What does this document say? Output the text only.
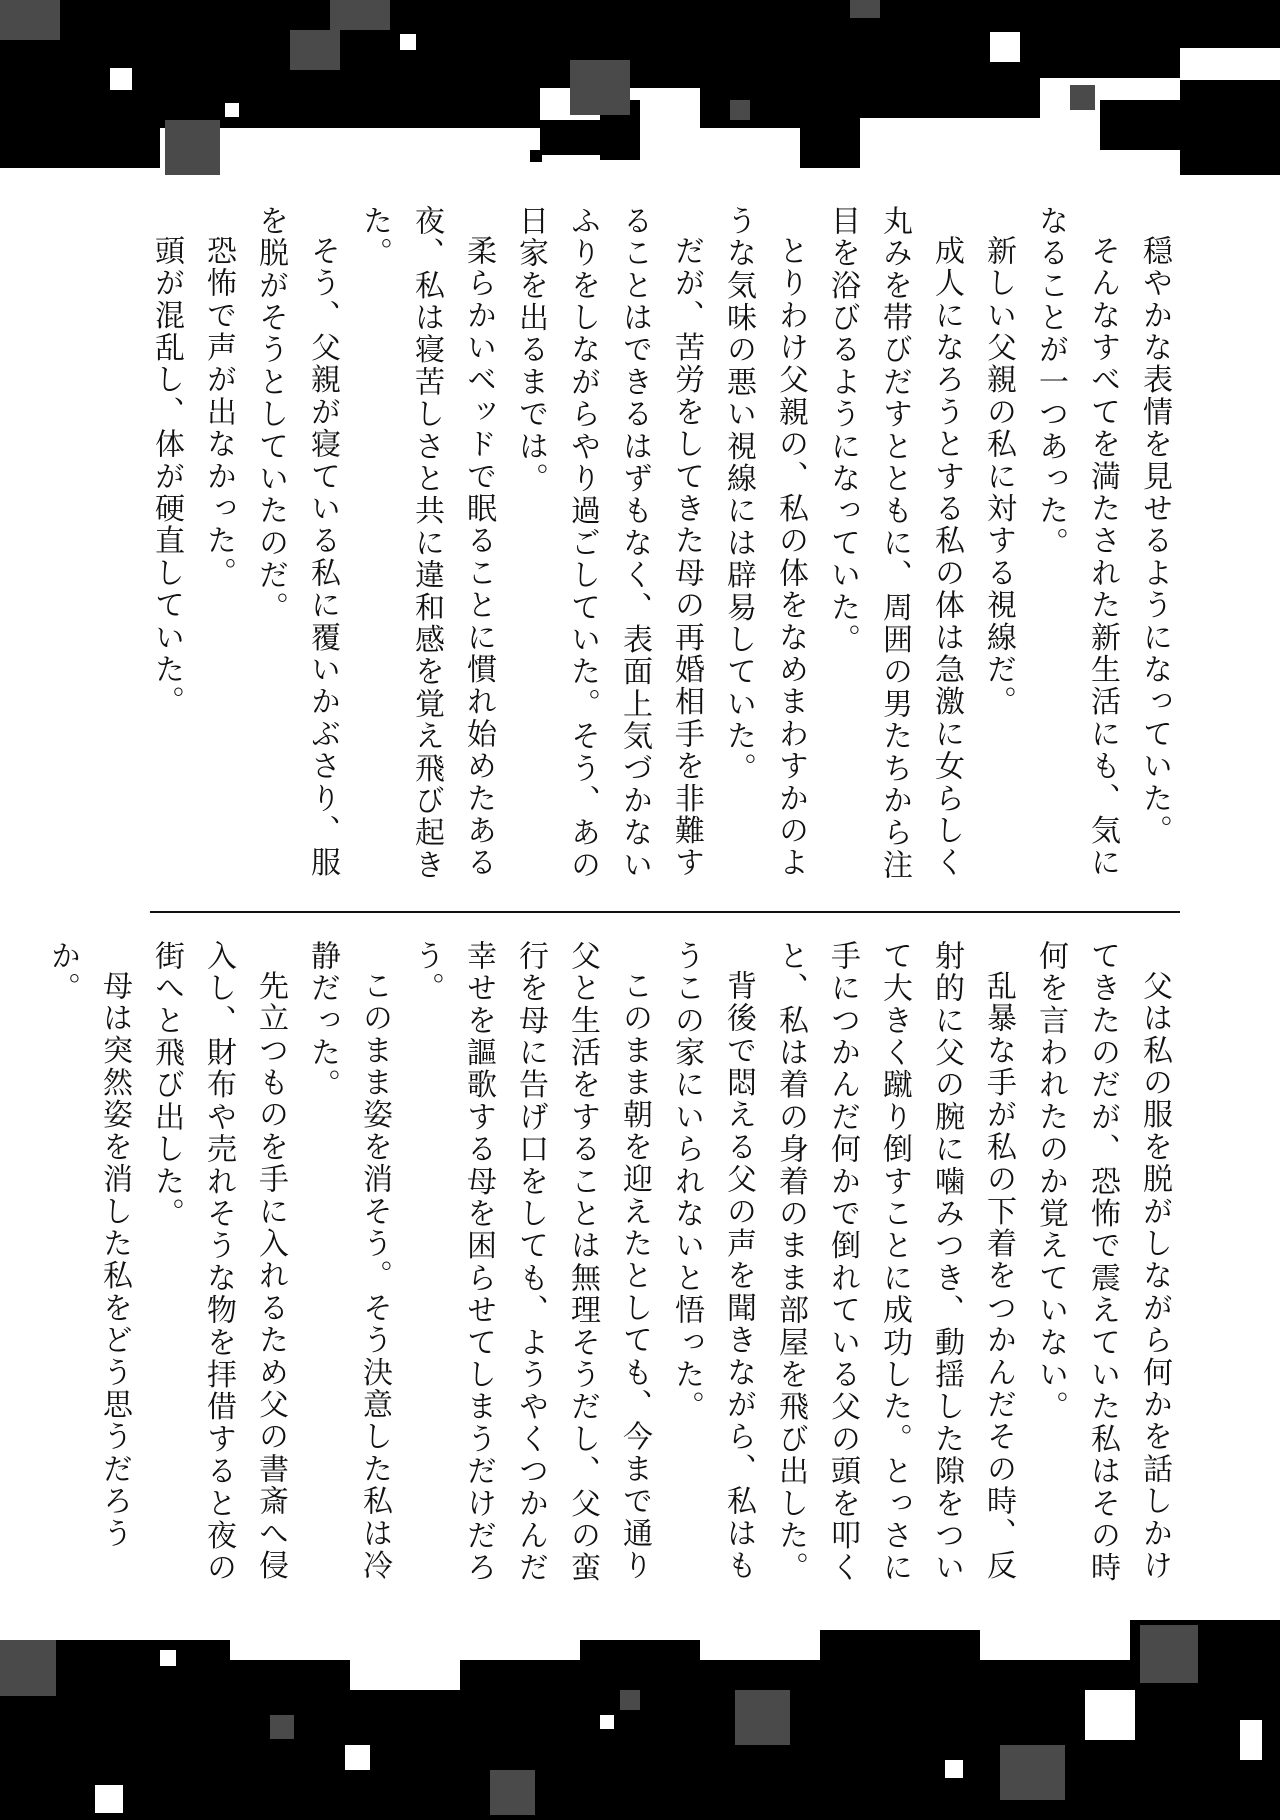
穏やかな表情を見せるようになっていた。

そんなすべてを満たされた新生活にも、気になることが一つあった。

新しい父親の私に対する視線だ。

成人になろうとする私の体は急激に女らしく丸みを帯びだすとともに、周囲の男たちから注目を浴びるようになっていた。

とりわけ父親の、私の体をなめまわすかのような気味の悪い視線には辟易していた。

だが、苦労をしてきた母の再婚相手を非難することはできるはずもなく、表面上気づかないふりをしながらやり過ごしていた。そう、あの日家を出るまでは。

柔らかいベッドで眠ることに慣れ始めたある夜、私は寝苦しさと共に違和感を覚え飛び起きた。

そう、父親が寝ている私に覆いかぶさり、服を脱がそうとしていたのだ。

恐怖で声が出なかった。

頭が混乱し、体が硬直していた。

父は私の服を脱がしながら何かを話しかけてきたのだが、恐怖で震えていた私はその時何を言われたのか覚えていない。

乱暴な手が私の下着をつかんだその時、反射的に父の腕に噛みつき、動揺した隙をついて大きく蹴り倒すことに成功した。とっさに手につかんだ何かで倒れている父の頭を叩くと、私は着の身着のまま部屋を飛び出した。

背後で悶える父の声を聞きながら、私はもうこの家にいられないと悟った。

このまま朝を迎えたとしても、今まで通り父と生活をすることは無理そうだし、父の蛮行を母に告げ口をしても、ようやくつかんだ幸せを謳歌する母を困らせてしまうだけだろう。

このまま姿を消そう。そう決意した私は冷静だった。

先立つものを手に入れるため父の書斎へ侵入し、財布や売れそうな物を拝借すると夜の街へと飛び出した。

母は突然姿を消した私をどう思うだろうか。
